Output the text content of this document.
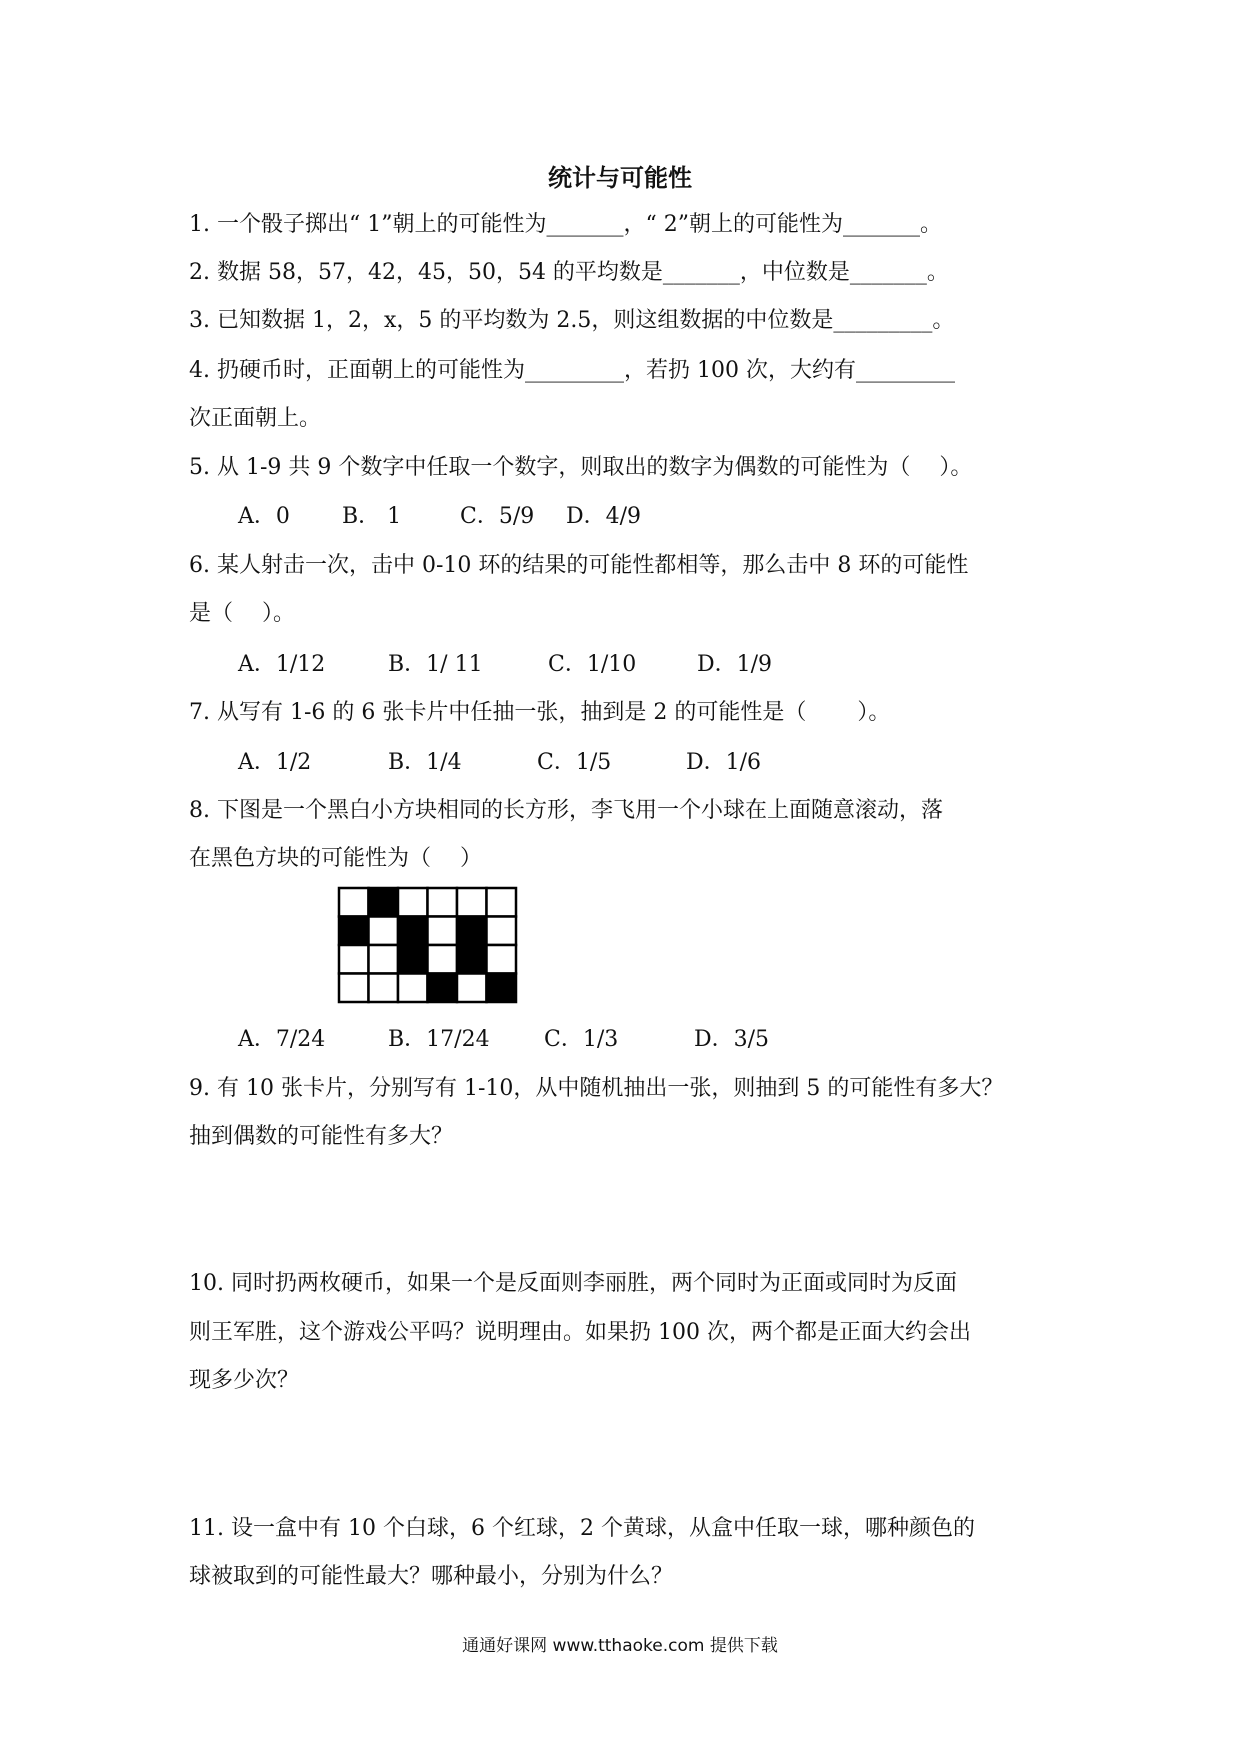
统计与可能性
1. 一个骰子掷出“ 1”朝上的可能性为_______，“ 2”朝上的可能性为_______。
2. 数据 58，57，42，45，50，54 的平均数是_______，中位数是_______。
3. 已知数据 1，2，x，5 的平均数为 2.5，则这组数据的中位数是_________。
4. 扔硬币时，正面朝上的可能性为_________，若扔 100 次，大约有_________
次正面朝上。
5. 从 1-9 共 9 个数字中任取一个数字，则取出的数字为偶数的可能性为（　 ）。
A．0 B． 1	C．5/9 D．4/9
6. 某人射击一次，击中 0-10 环的结果的可能性都相等，那么击中 8 环的可能性
是（　 ）。
A．1/12	B．1/ 11	C．1/10	D．1/9
7. 从写有 1-6 的 6 张卡片中任抽一张，抽到是 2 的可能性是（　　 ）。
A．1/2	B．1/4	C．1/5	D．1/6
8. 下图是一个黑白小方块相同的长方形，李飞用一个小球在上面随意滚动，落
在黑色方块的可能性为（　 ）
A．7/24	B．17/24 C．1/3	D．3/5
9. 有 10 张卡片，分别写有 1-10，从中随机抽出一张，则抽到 5 的可能性有多大？
抽到偶数的可能性有多大？
10. 同时扔两枚硬币，如果一个是反面则李丽胜，两个同时为正面或同时为反面
则王军胜，这个游戏公平吗？说明理由。如果扔 100 次，两个都是正面大约会出
现多少次？
11. 设一盒中有 10 个白球，6 个红球，2 个黄球，从盒中任取一球，哪种颜色的
球被取到的可能性最大？哪种最小，分别为什么？
通通好课网 www.tthaoke.com 提供下载
